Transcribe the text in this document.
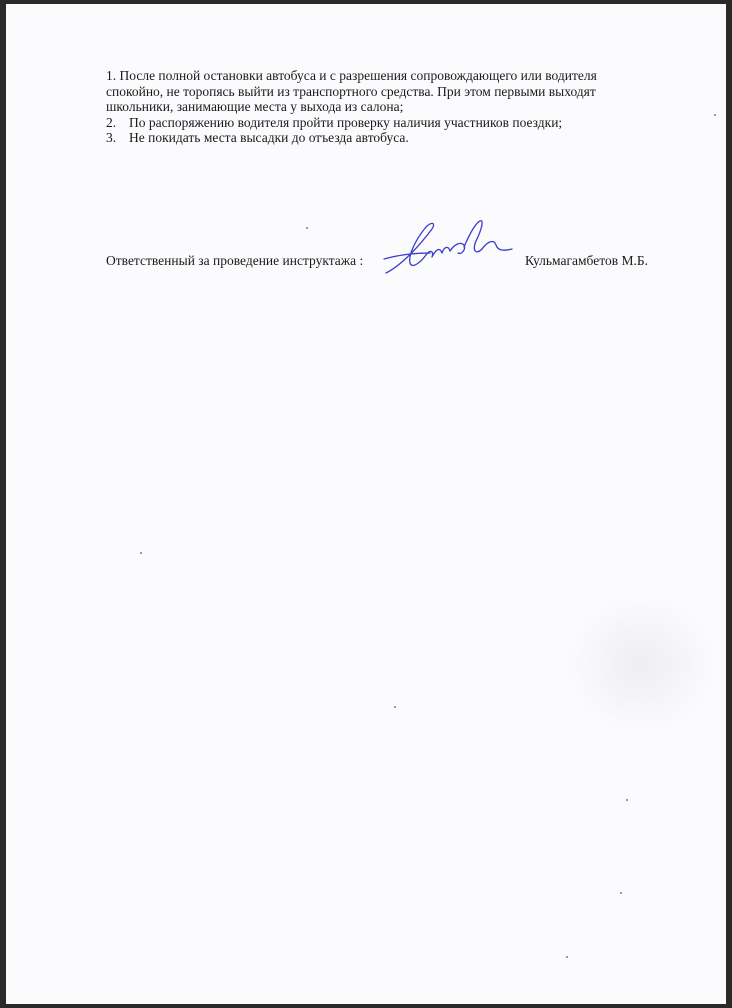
1. После полной остановки автобуса и с разрешения сопровождающего или водителя спокойно, не торопясь выйти из транспортного средства. При этом первыми выходят школьники, занимающие места у выхода из салона;

2. По распоряжению водителя пройти проверку наличия участников поездки;
3. Не покидать места высадки до отъезда автобуса.
Ответственный за проведение инструктажа :	Кульмагамбетов М.Б.
